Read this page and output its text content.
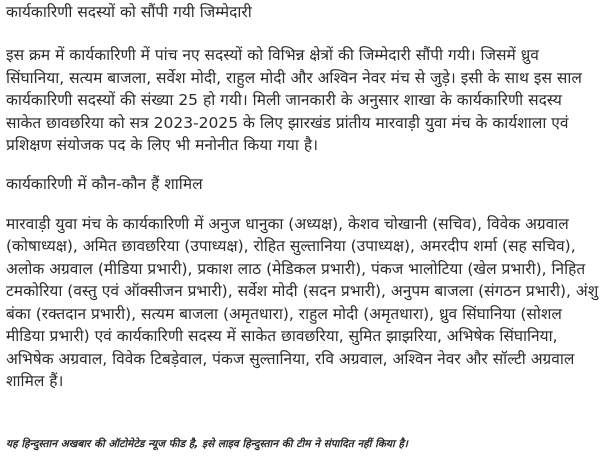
कार्यकारिणी सदस्यों को सौंपी गयी जिम्मेदारी

इस क्रम में कार्यकारिणी में पांच नए सदस्यों को विभिन्न क्षेत्रों की जिम्मेदारी सौंपी गयी। जिसमें ध्रुव सिंघानिया, सत्यम बाजला, सर्वेश मोदी, राहुल मोदी और अश्विन नेवर मंच से जुड़े। इसी के साथ इस साल कार्यकारिणी सदस्यों की संख्या 25 हो गयी। मिली जानकारी के अनुसार शाखा के कार्यकारिणी सदस्य साकेत छावछरिया को सत्र 2023-2025 के लिए झारखंड प्रांतीय मारवाड़ी युवा मंच के कार्यशाला एवं प्रशिक्षण संयोजक पद के लिए भी मनोनीत किया गया है।

कार्यकारिणी में कौन-कौन हैं शामिल

मारवाड़ी युवा मंच के कार्यकारिणी में अनुज धानुका (अध्यक्ष), केशव चोखानी (सचिव), विवेक अग्रवाल (कोषाध्यक्ष), अमित छावछरिया (उपाध्यक्ष), रोहित सुल्तानिया (उपाध्यक्ष), अमरदीप शर्मा (सह सचिव), अलोक अग्रवाल (मीडिया प्रभारी), प्रकाश लाठ (मेडिकल प्रभारी), पंकज भालोटिया (खेल प्रभारी), निहित टमकोरिया (वस्तु एवं ऑक्सीजन प्रभारी), सर्वेश मोदी (सदन प्रभारी), अनुपम बाजला (संगठन प्रभारी), अंशु बंका (रक्तदान प्रभारी), सत्यम बाजला (अमृतधारा), राहुल मोदी (अमृतधारा), ध्रुव सिंघानिया (सोशल मीडिया प्रभारी) एवं कार्यकारिणी सदस्य में साकेत छावछरिया, सुमित झाझरिया, अभिषेक सिंघानिया, अभिषेक अग्रवाल, विवेक टिबड़ेवाल, पंकज सुल्तानिया, रवि अग्रवाल, अश्विन नेवर और सॉल्टी अग्रवाल शामिल हैं।

यह हिन्दुस्तान अखबार की ऑटोमेटेड न्यूज फीड है, इसे लाइव हिन्दुस्तान की टीम ने संपादित नहीं किया है।
